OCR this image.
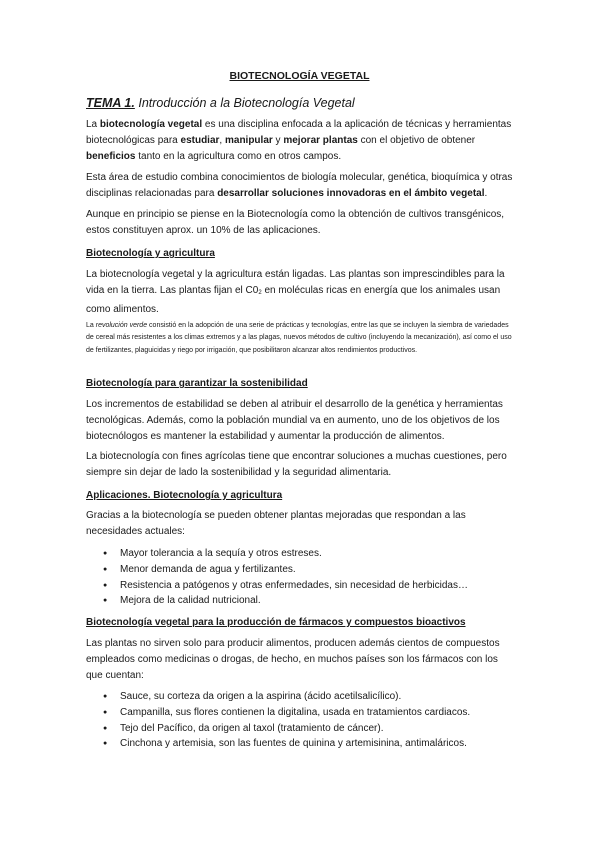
BIOTECNOLOGÍA VEGETAL
TEMA 1. Introducción a la Biotecnología Vegetal
La biotecnología vegetal es una disciplina enfocada a la aplicación de técnicas y herramientas biotecnológicas para estudiar, manipular y mejorar plantas con el objetivo de obtener beneficios tanto en la agricultura como en otros campos.
Esta área de estudio combina conocimientos de biología molecular, genética, bioquímica y otras disciplinas relacionadas para desarrollar soluciones innovadoras en el ámbito vegetal.
Aunque en principio se piense en la Biotecnología como la obtención de cultivos transgénicos, estos constituyen aprox. un 10% de las aplicaciones.
Biotecnología y agricultura
La biotecnología vegetal y la agricultura están ligadas. Las plantas son imprescindibles para la vida en la tierra. Las plantas fijan el $C0_2$ en moléculas ricas en energía que los animales usan como alimentos.
La revolución verde consistió en la adopción de una serie de prácticas y tecnologías, entre las que se incluyen la siembra de variedades de cereal más resistentes a los climas extremos y a las plagas, nuevos métodos de cultivo (incluyendo la mecanización), así como el uso de fertilizantes, plaguicidas y riego por irrigación, que posibilitaron alcanzar altos rendimientos productivos.
Biotecnología para garantizar la sostenibilidad
Los incrementos de estabilidad se deben al atribuir el desarrollo de la genética y herramientas tecnológicas. Además, como la población mundial va en aumento, uno de los objetivos de los biotecnólogos es mantener la estabilidad y aumentar la producción de alimentos.
La biotecnología con fines agrícolas tiene que encontrar soluciones a muchas cuestiones, pero siempre sin dejar de lado la sostenibilidad y la seguridad alimentaria.
Aplicaciones. Biotecnología y agricultura
Gracias a la biotecnología se pueden obtener plantas mejoradas que respondan a las necesidades actuales:
● Mayor tolerancia a la sequía y otros estreses.
● Menor demanda de agua y fertilizantes.
● Resistencia a patógenos y otras enfermedades, sin necesidad de herbicidas…
● Mejora de la calidad nutricional.
Biotecnología vegetal para la producción de fármacos y compuestos bioactivos
Las plantas no sirven solo para producir alimentos, producen además cientos de compuestos empleados como medicinas o drogas, de hecho, en muchos países son los fármacos con los que cuentan:
● Sauce, su corteza da origen a la aspirina (ácido acetilsalicílico).
● Campanilla, sus flores contienen la digitalina, usada en tratamientos cardiacos.
● Tejo del Pacífico, da origen al taxol (tratamiento de cáncer).
● Cinchona y artemisia, son las fuentes de quinina y artemisinina, antimaláricos.
